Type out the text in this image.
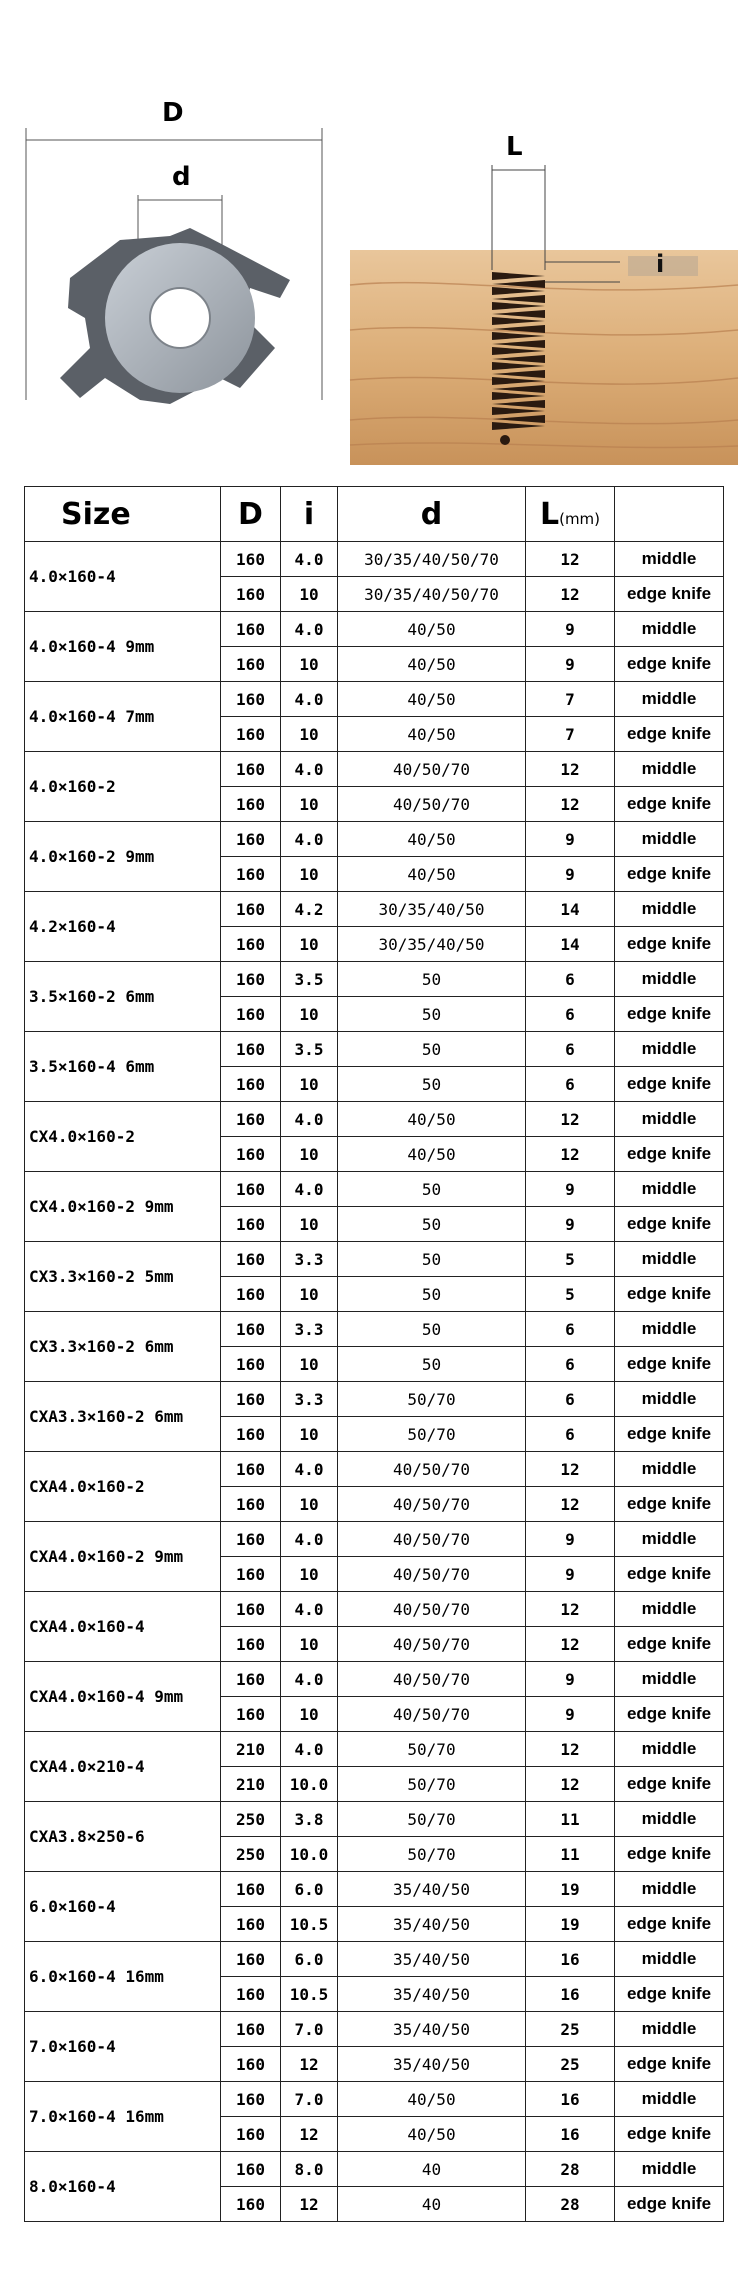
D
d
L
i
Size	D	i	d	L(mm)	
4.0×160-4	160	4.0	30/35/40/50/70	12	middle
	160	10	30/35/40/50/70	12	edge knife
4.0×160-4 9mm	160	4.0	40/50	9	middle
	160	10	40/50	9	edge knife
4.0×160-4 7mm	160	4.0	40/50	7	middle
	160	10	40/50	7	edge knife
4.0×160-2	160	4.0	40/50/70	12	middle
	160	10	40/50/70	12	edge knife
4.0×160-2 9mm	160	4.0	40/50	9	middle
	160	10	40/50	9	edge knife
4.2×160-4	160	4.2	30/35/40/50	14	middle
	160	10	30/35/40/50	14	edge knife
3.5×160-2 6mm	160	3.5	50	6	middle
	160	10	50	6	edge knife
3.5×160-4 6mm	160	3.5	50	6	middle
	160	10	50	6	edge knife
CX4.0×160-2	160	4.0	40/50	12	middle
	160	10	40/50	12	edge knife
CX4.0×160-2 9mm	160	4.0	50	9	middle
	160	10	50	9	edge knife
CX3.3×160-2 5mm	160	3.3	50	5	middle
	160	10	50	5	edge knife
CX3.3×160-2 6mm	160	3.3	50	6	middle
	160	10	50	6	edge knife
CXA3.3×160-2 6mm	160	3.3	50/70	6	middle
	160	10	50/70	6	edge knife
CXA4.0×160-2	160	4.0	40/50/70	12	middle
	160	10	40/50/70	12	edge knife
CXA4.0×160-2 9mm	160	4.0	40/50/70	9	middle
	160	10	40/50/70	9	edge knife
CXA4.0×160-4	160	4.0	40/50/70	12	middle
	160	10	40/50/70	12	edge knife
CXA4.0×160-4 9mm	160	4.0	40/50/70	9	middle
	160	10	40/50/70	9	edge knife
CXA4.0×210-4	210	4.0	50/70	12	middle
	210	10.0	50/70	12	edge knife
CXA3.8×250-6	250	3.8	50/70	11	middle
	250	10.0	50/70	11	edge knife
6.0×160-4	160	6.0	35/40/50	19	middle
	160	10.5	35/40/50	19	edge knife
6.0×160-4 16mm	160	6.0	35/40/50	16	middle
	160	10.5	35/40/50	16	edge knife
7.0×160-4	160	7.0	35/40/50	25	middle
	160	12	35/40/50	25	edge knife
7.0×160-4 16mm	160	7.0	40/50	16	middle
	160	12	40/50	16	edge knife
8.0×160-4	160	8.0	40	28	middle
	160	12	40	28	edge knife
